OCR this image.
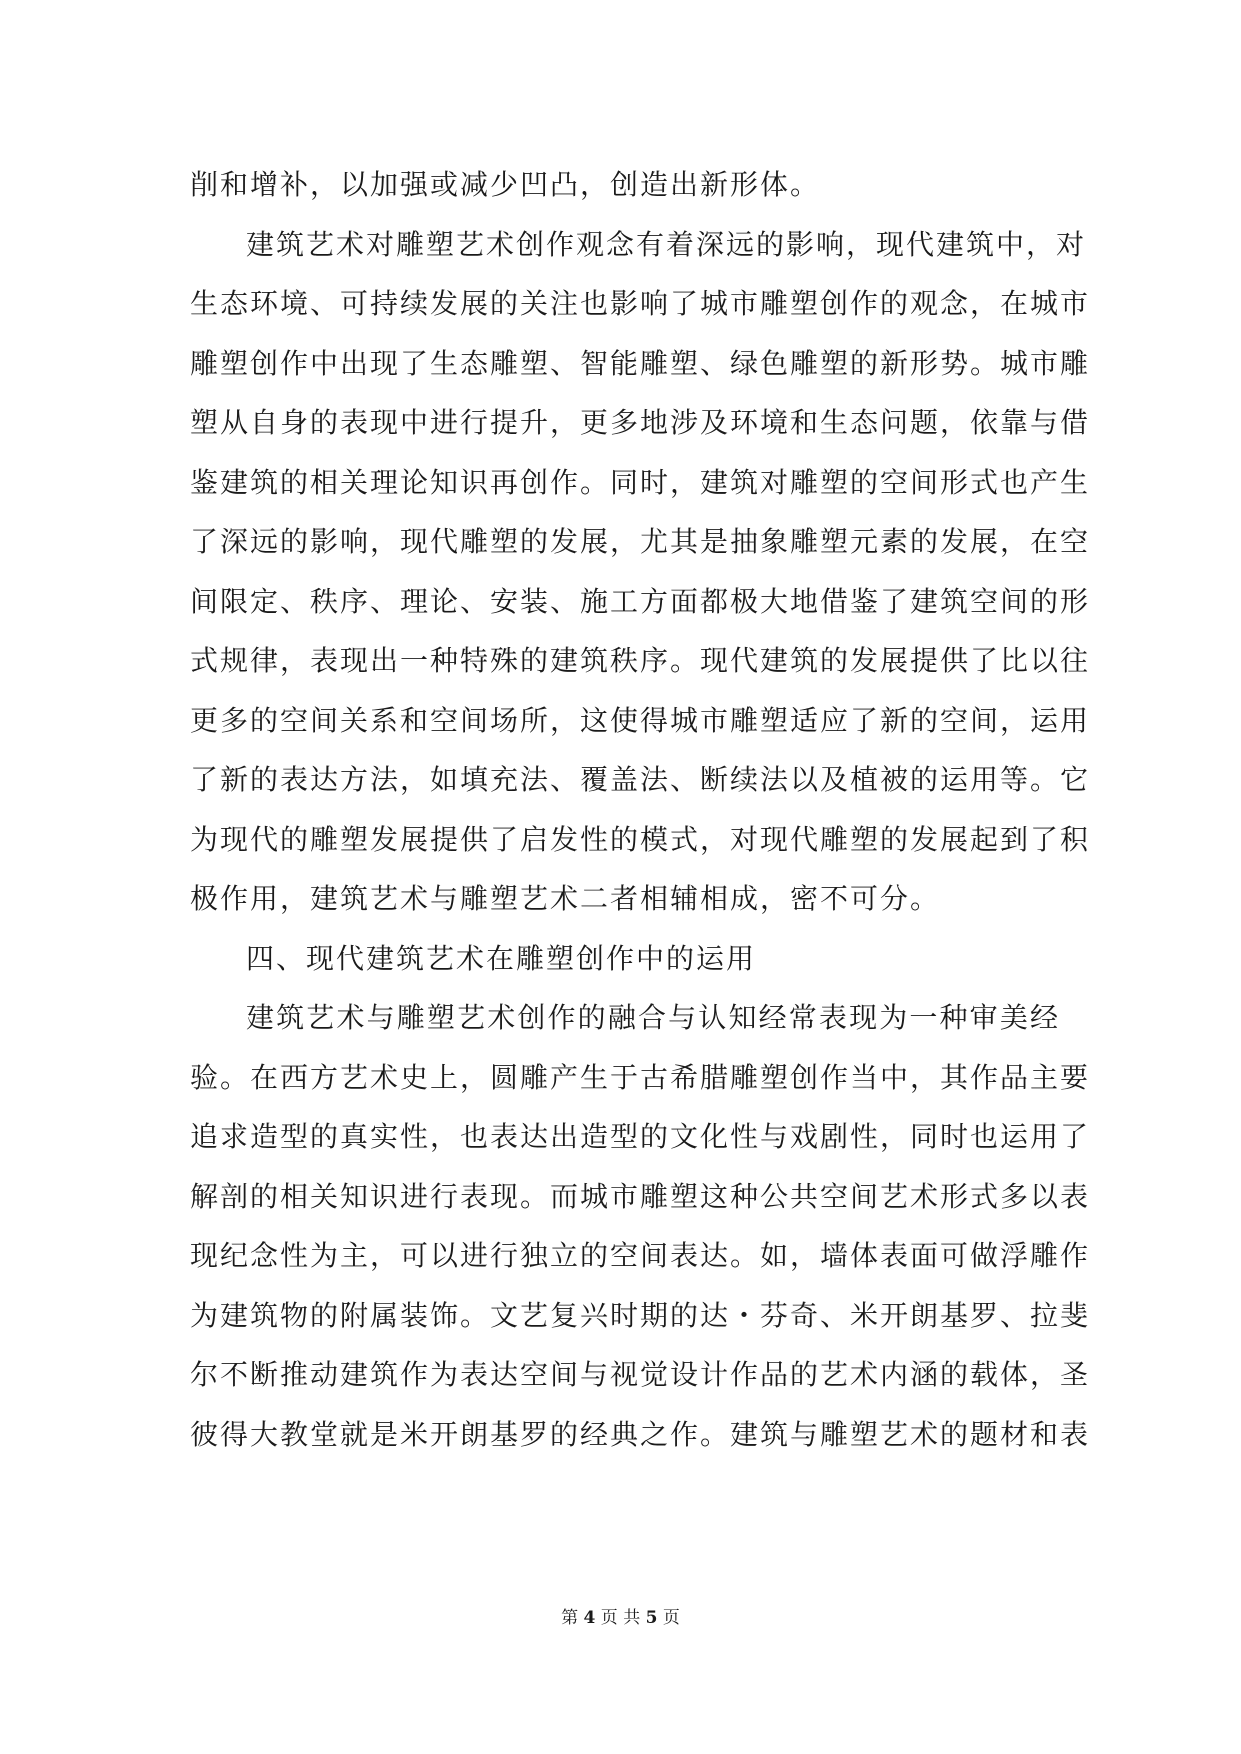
削和增补，以加强或减少凹凸，创造出新形体。
建筑艺术对雕塑艺术创作观念有着深远的影响，现代建筑中，对
生态环境、可持续发展的关注也影响了城市雕塑创作的观念，在城市
雕塑创作中出现了生态雕塑、智能雕塑、绿色雕塑的新形势。城市雕
塑从自身的表现中进行提升，更多地涉及环境和生态问题，依靠与借
鉴建筑的相关理论知识再创作。同时，建筑对雕塑的空间形式也产生
了深远的影响，现代雕塑的发展，尤其是抽象雕塑元素的发展，在空
间限定、秩序、理论、安装、施工方面都极大地借鉴了建筑空间的形
式规律，表现出一种特殊的建筑秩序。现代建筑的发展提供了比以往
更多的空间关系和空间场所，这使得城市雕塑适应了新的空间，运用
了新的表达方法，如填充法、覆盖法、断续法以及植被的运用等。它
为现代的雕塑发展提供了启发性的模式，对现代雕塑的发展起到了积
极作用，建筑艺术与雕塑艺术二者相辅相成，密不可分。
四、现代建筑艺术在雕塑创作中的运用
建筑艺术与雕塑艺术创作的融合与认知经常表现为一种审美经
验。在西方艺术史上，圆雕产生于古希腊雕塑创作当中，其作品主要
追求造型的真实性，也表达出造型的文化性与戏剧性，同时也运用了
解剖的相关知识进行表现。而城市雕塑这种公共空间艺术形式多以表
现纪念性为主，可以进行独立的空间表达。如，墙体表面可做浮雕作
为建筑物的附属装饰。文艺复兴时期的达・芬奇、米开朗基罗、拉斐
尔不断推动建筑作为表达空间与视觉设计作品的艺术内涵的载体，圣
彼得大教堂就是米开朗基罗的经典之作。建筑与雕塑艺术的题材和表
第 4 页 共 5 页
